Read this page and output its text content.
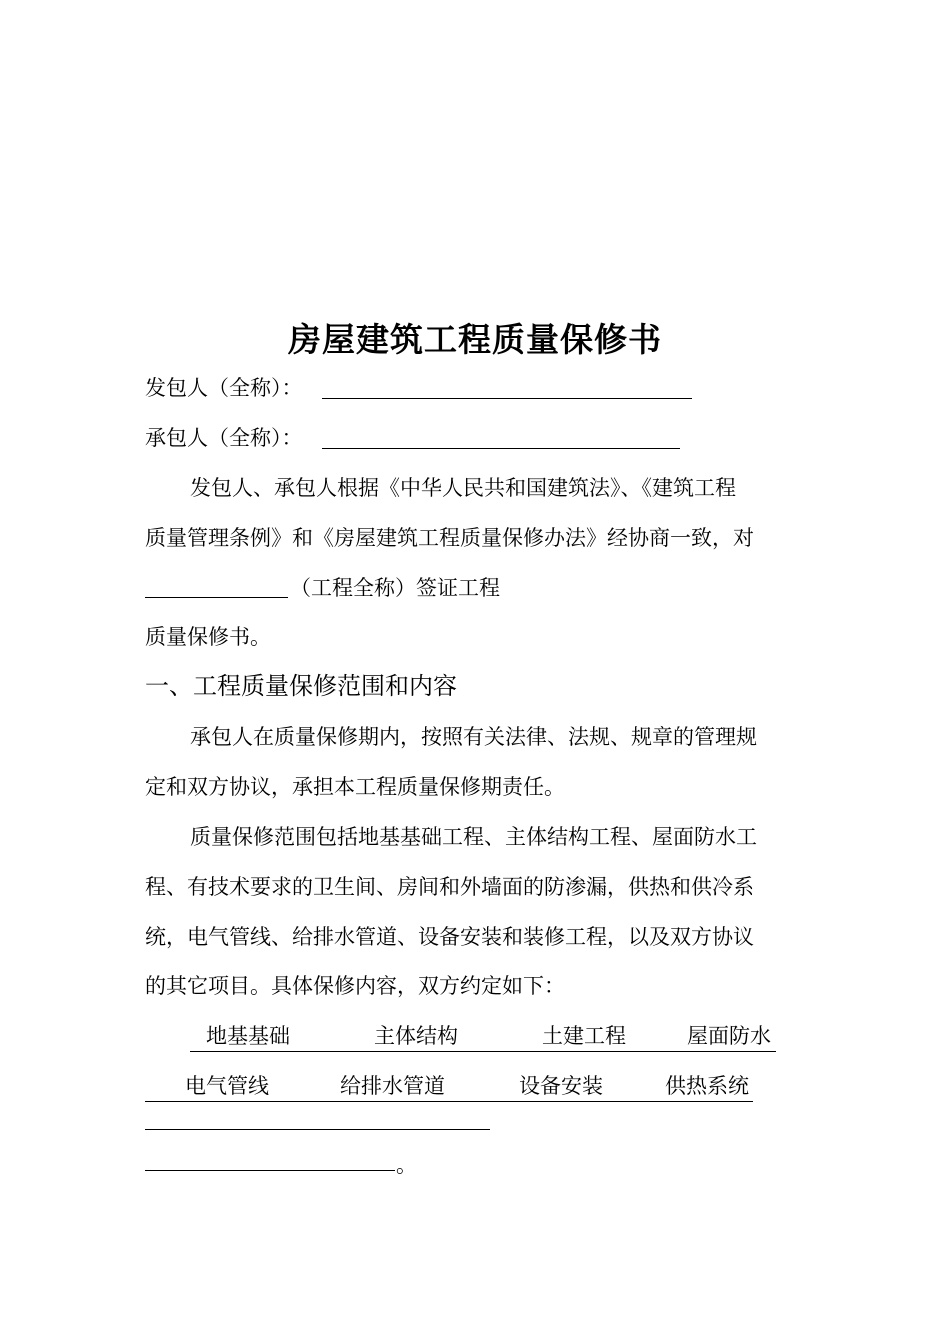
房屋建筑工程质量保修书
发包人（全称）：
承包人（全称）：
发包人、承包人根据《中华人民共和国建筑法》、《建筑工程
质量管理条例》和《房屋建筑工程质量保修办法》经协商一致，对
（工程全称）签证工程
质量保修书。
一、工程质量保修范围和内容
承包人在质量保修期内，按照有关法律、法规、规章的管理规
定和双方协议，承担本工程质量保修期责任。
质量保修范围包括地基基础工程、主体结构工程、屋面防水工
程、有技术要求的卫生间、房间和外墙面的防渗漏，供热和供冷系
统，电气管线、给排水管道、设备安装和装修工程，以及双方协议
的其它项目。具体保修内容，双方约定如下：
地基基础	主体结构	土建工程	屋面防水
电气管线	给排水管道	设备安装	供热系统
。
